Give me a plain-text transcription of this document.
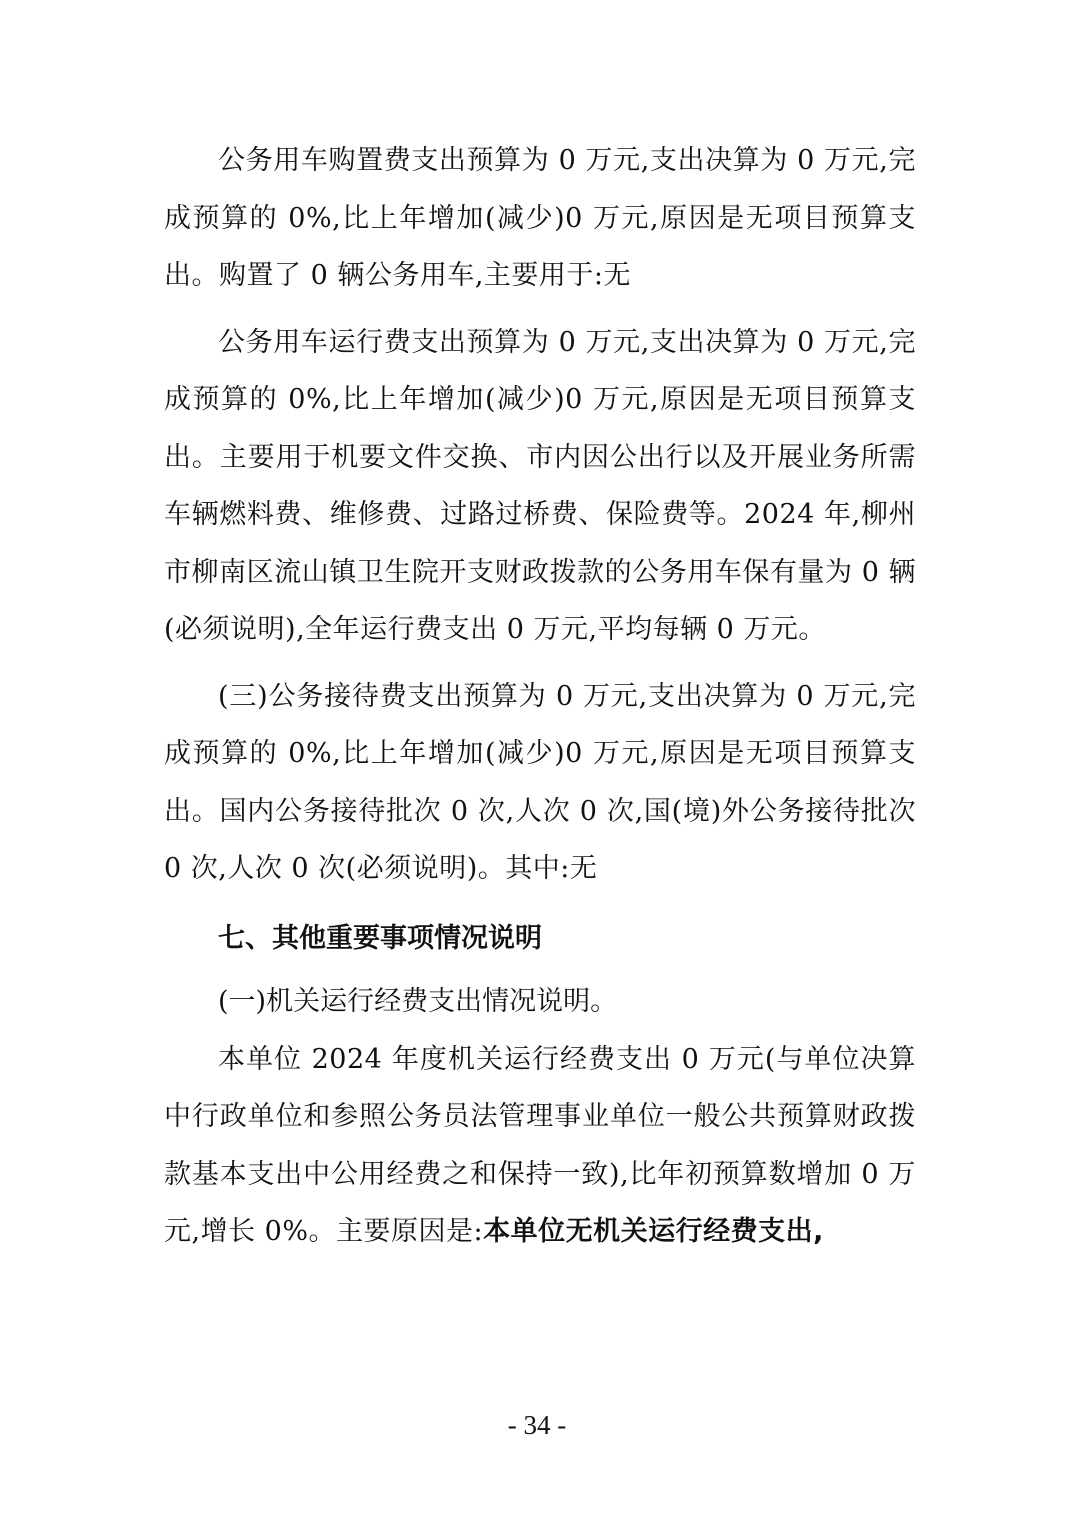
公务用车购置费支出预算为 0 万元,支出决算为 0 万元,完成预算的 0%,比上年增加(减少)0 万元,原因是无项目预算支出。购置了 0 辆公务用车,主要用于:无

公务用车运行费支出预算为 0 万元,支出决算为 0 万元,完成预算的 0%,比上年增加(减少)0 万元,原因是无项目预算支出。主要用于机要文件交换、市内因公出行以及开展业务所需车辆燃料费、维修费、过路过桥费、保险费等。2024 年,柳州市柳南区流山镇卫生院开支财政拨款的公务用车保有量为 0 辆(必须说明),全年运行费支出 0 万元,平均每辆 0 万元。

(三)公务接待费支出预算为 0 万元,支出决算为 0 万元,完成预算的 0%,比上年增加(减少)0 万元,原因是无项目预算支出。国内公务接待批次 0 次,人次 0 次,国(境)外公务接待批次 0 次,人次 0 次(必须说明)。其中:无

七、其他重要事项情况说明

(一)机关运行经费支出情况说明。

本单位 2024 年度机关运行经费支出 0 万元(与单位决算中行政单位和参照公务员法管理事业单位一般公共预算财政拨款基本支出中公用经费之和保持一致),比年初预算数增加 0 万元,增长 0%。主要原因是:本单位无机关运行经费支出,

- 34 -
